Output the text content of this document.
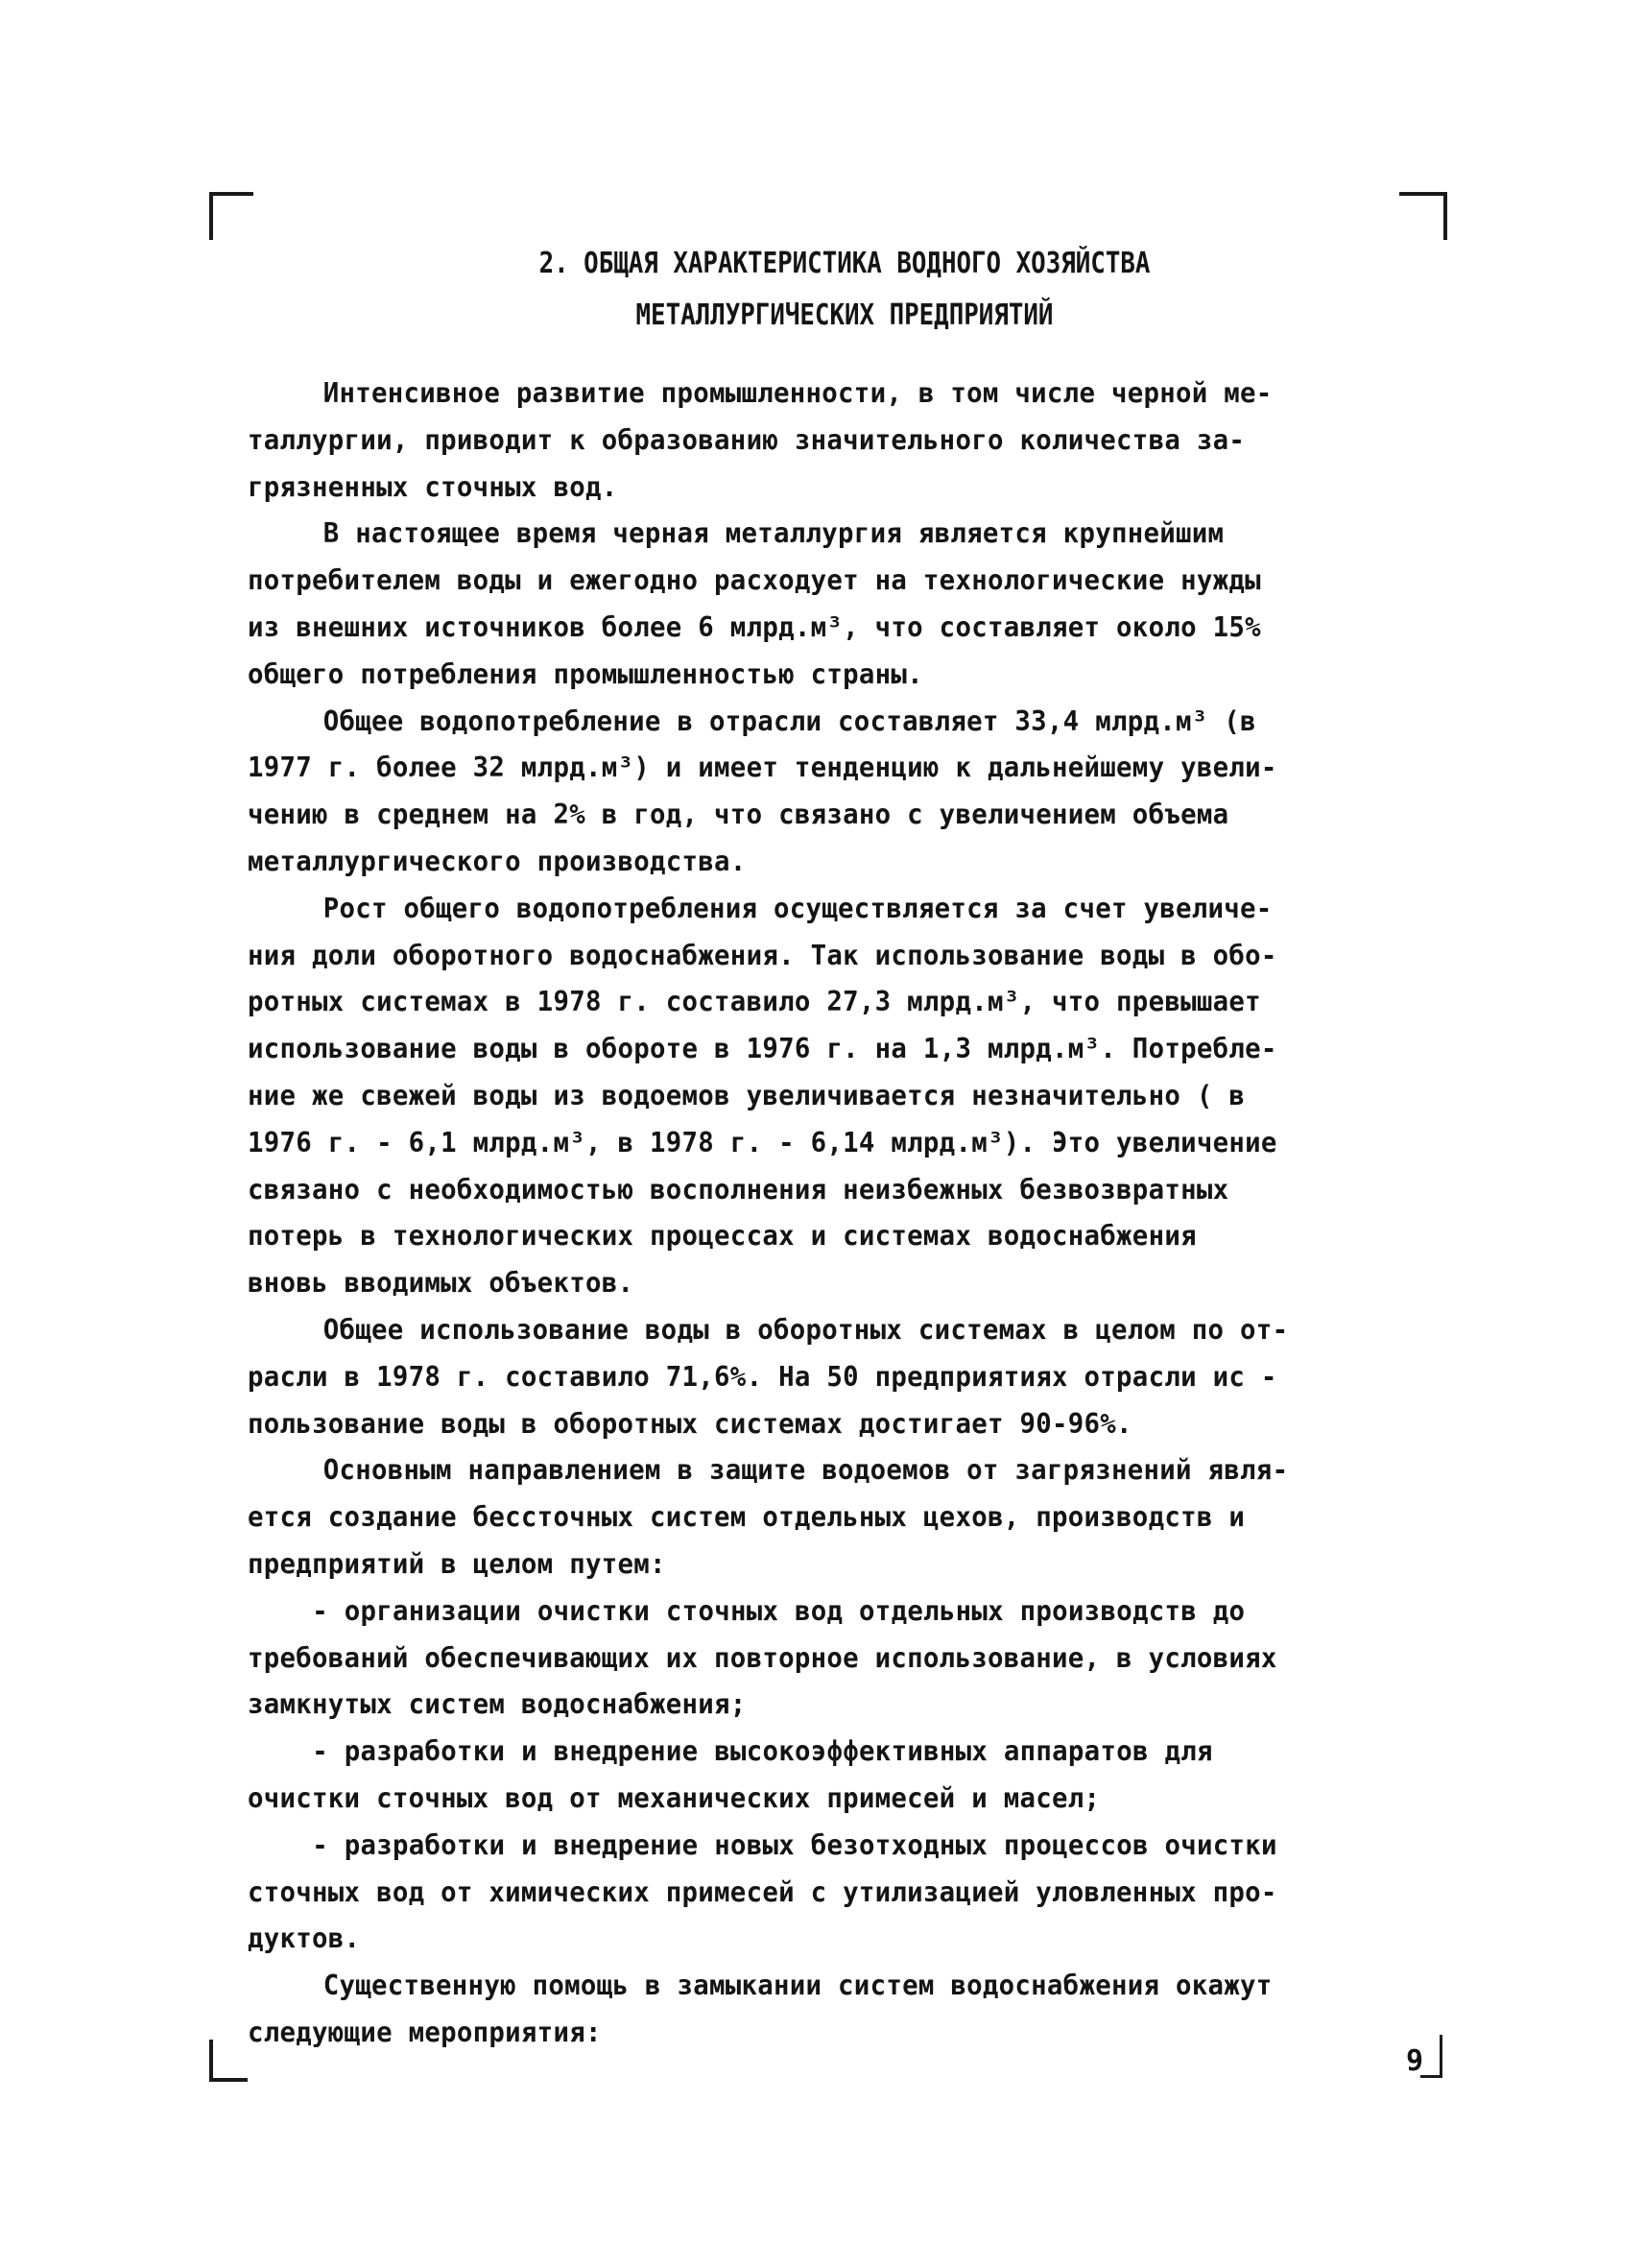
2. ОБЩАЯ ХАРАКТЕРИСТИКА ВОДНОГО ХОЗЯЙСТВА
МЕТАЛЛУРГИЧЕСКИХ ПРЕДПРИЯТИЙ
Интенсивное развитие промышленности, в том числе черной ме-
таллургии, приводит к образованию значительного количества за-
грязненных сточных вод.
В настоящее время черная металлургия является крупнейшим
потребителем воды и ежегодно расходует на технологические нужды
из внешних источников более 6 млрд.м³, что составляет около 15%
общего потребления промышленностью страны.
Общее водопотребление в отрасли составляет 33,4 млрд.м³ (в
1977 г. более 32 млрд.м³) и имеет тенденцию к дальнейшему увели-
чению в среднем на 2% в год, что связано с увеличением объема
металлургического производства.
Рост общего водопотребления осуществляется за счет увеличе-
ния доли оборотного водоснабжения. Так использование воды в обо-
ротных системах в 1978 г. составило 27,3 млрд.м³, что превышает
использование воды в обороте в 1976 г. на 1,3 млрд.м³. Потребле-
ние же свежей воды из водоемов увеличивается незначительно ( в
1976 г. - 6,1 млрд.м³, в 1978 г. - 6,14 млрд.м³). Это увеличение
связано с необходимостью восполнения неизбежных безвозвратных
потерь в технологических процессах и системах водоснабжения
вновь вводимых объектов.
Общее использование воды в оборотных системах в целом по от-
расли в 1978 г. составило 71,6%. На 50 предприятиях отрасли ис -
пользование воды в оборотных системах достигает 90-96%.
Основным направлением в защите водоемов от загрязнений явля-
ется создание бессточных систем отдельных цехов, производств и
предприятий в целом путем:
- организации очистки сточных вод отдельных производств до
требований обеспечивающих их повторное использование, в условиях
замкнутых систем водоснабжения;
- разработки и внедрение высокоэффективных аппаратов для
очистки сточных вод от механических примесей и масел;
- разработки и внедрение новых безотходных процессов очистки
сточных вод от химических примесей с утилизацией уловленных про-
дуктов.
Существенную помощь в замыкании систем водоснабжения окажут
следующие мероприятия:
9
